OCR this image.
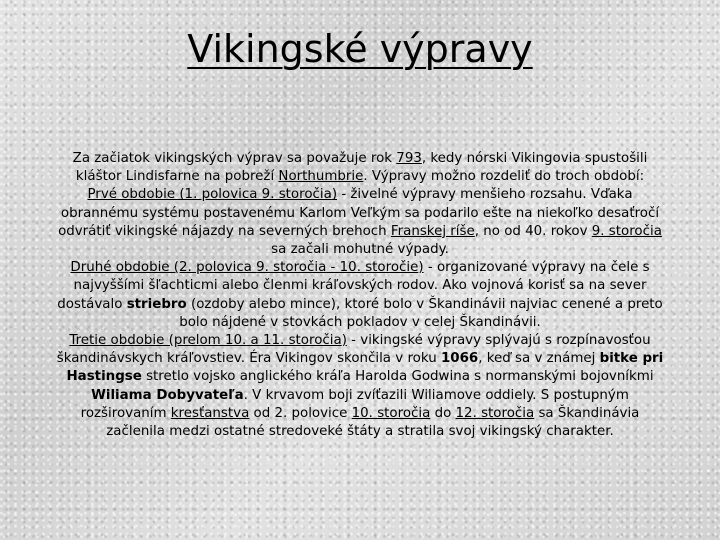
Vikingské výpravy
Za začiatok vikingských výprav sa považuje rok 793, kedy nórski Vikingovia spustošili kláštor Lindisfarne na pobreží Northumbrie. Výpravy možno rozdeliť do troch období:
Prvé obdobie (1. polovica 9. storočia) - živelné výpravy menšieho rozsahu. Vďaka obrannému systému postavenému Karlom Veľkým sa podarilo ešte na niekoľko desaťročí odvrátiť vikingské nájazdy na severných brehoch Franskej ríše, no od 40. rokov 9. storočia sa začali mohutné výpady.
Druhé obdobie (2. polovica 9. storočia - 10. storočie) - organizované výpravy na čele s najvyššími šľachticmi alebo členmi kráľovských rodov. Ako vojnová korisť sa na sever dostávalo striebro (ozdoby alebo mince), ktoré bolo v Škandinávii najviac cenené a preto bolo nájdené v stovkách pokladov v celej Škandinávii.
Tretie obdobie (prelom 10. a 11. storočia) - vikingské výpravy splývajú s rozpínavosťou škandinávskych kráľovstiev. Éra Vikingov skončila v roku 1066, keď sa v známej bitke pri Hastingse stretlo vojsko anglického kráľa Harolda Godwina s normanskými bojovníkmi Wiliama Dobyvateľa. V krvavom boji zvíťazili Wiliamove oddiely. S postupným rozširovaním kresťanstva od 2. polovice 10. storočia do 12. storočia sa Škandinávia začlenila medzi ostatné stredoveké štáty a stratila svoj vikingský charakter.
